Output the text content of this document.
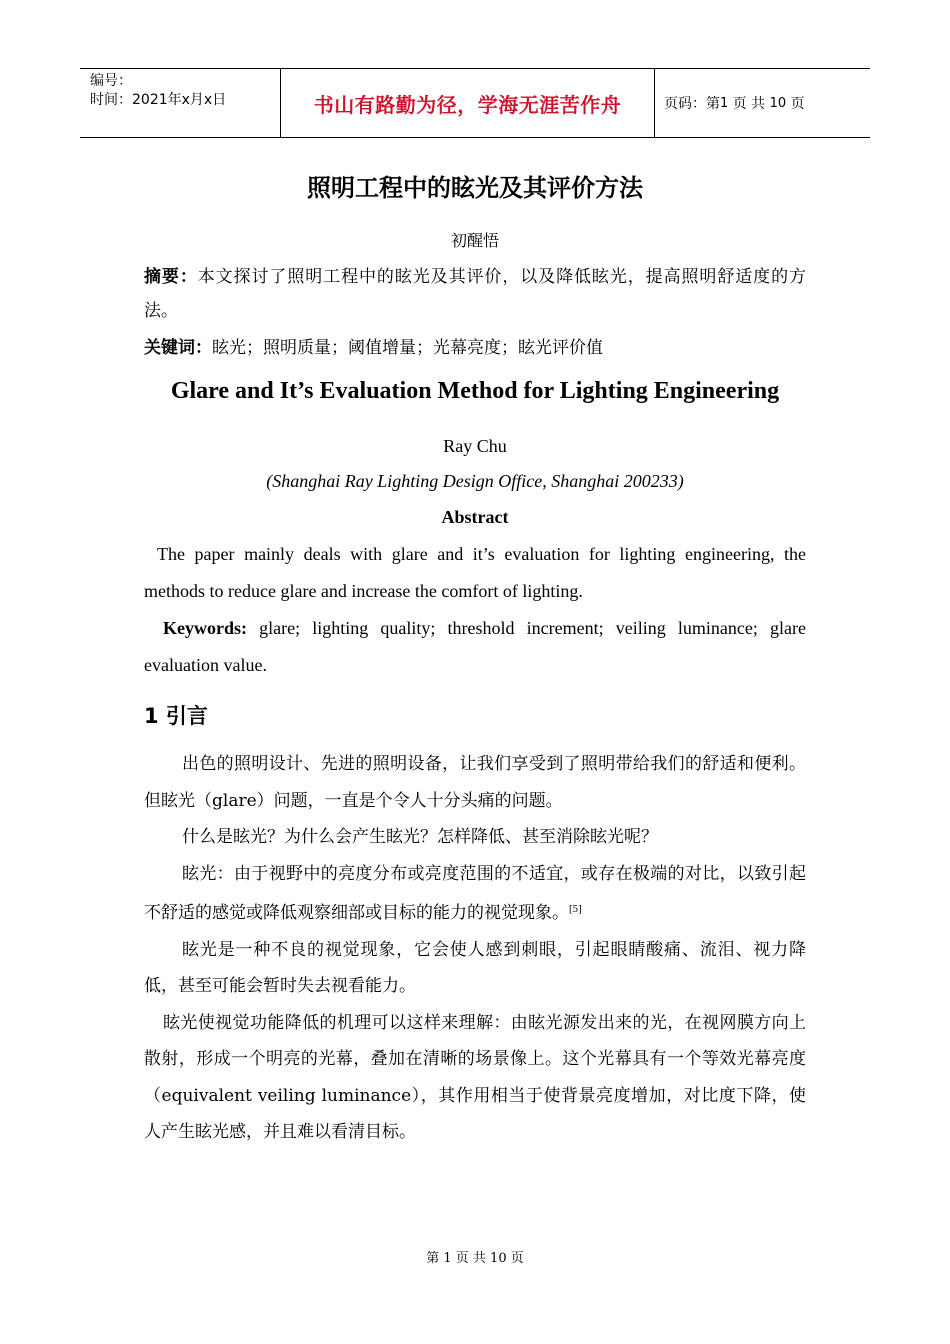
编号：
时间：2021年x月x日	书山有路勤为径，学海无涯苦作舟	页码：第 1
页 共
10
页
照明工程中的眩光及其评价方法
初醒悟
摘要：本文探讨了照明工程中的眩光及其评价，以及降低眩光，提高照明舒适度的方法。
关键词：眩光；照明质量；阈值增量；光幕亮度；眩光评价值
Glare and It’s Evaluation Method for Lighting Engineering
Ray Chu
(Shanghai Ray Lighting Design Office, Shanghai 200233)
Abstract
The paper mainly deals with glare and it’s evaluation for lighting engineering, the methods to reduce glare and increase the comfort of lighting.
Keywords: glare; lighting quality; threshold increment; veiling luminance; glare evaluation value.
1 引言

出色的照明设计、先进的照明设备，让我们享受到了照明带给我们的舒适和便利。但眩光（glare）问题，一直是个令人十分头痛的问题。

什么是眩光？为什么会产生眩光？怎样降低、甚至消除眩光呢？

眩光：由于视野中的亮度分布或亮度范围的不适宜，或存在极端的对比，以致引起不舒适的感觉或降低观察细部或目标的能力的视觉现象。[5]

眩光是一种不良的视觉现象，它会使人感到刺眼，引起眼睛酸痛、流泪、视力降低，甚至可能会暂时失去视看能力。

眩光使视觉功能降低的机理可以这样来理解：由眩光源发出来的光，在视网膜方向上散射，形成一个明亮的光幕，叠加在清晰的场景像上。这个光幕具有一个等效光幕亮度（equivalent veiling luminance），其作用相当于使背景亮度增加，对比度下降，使人产生眩光感，并且难以看清目标。

第 1 页 共 10 页
